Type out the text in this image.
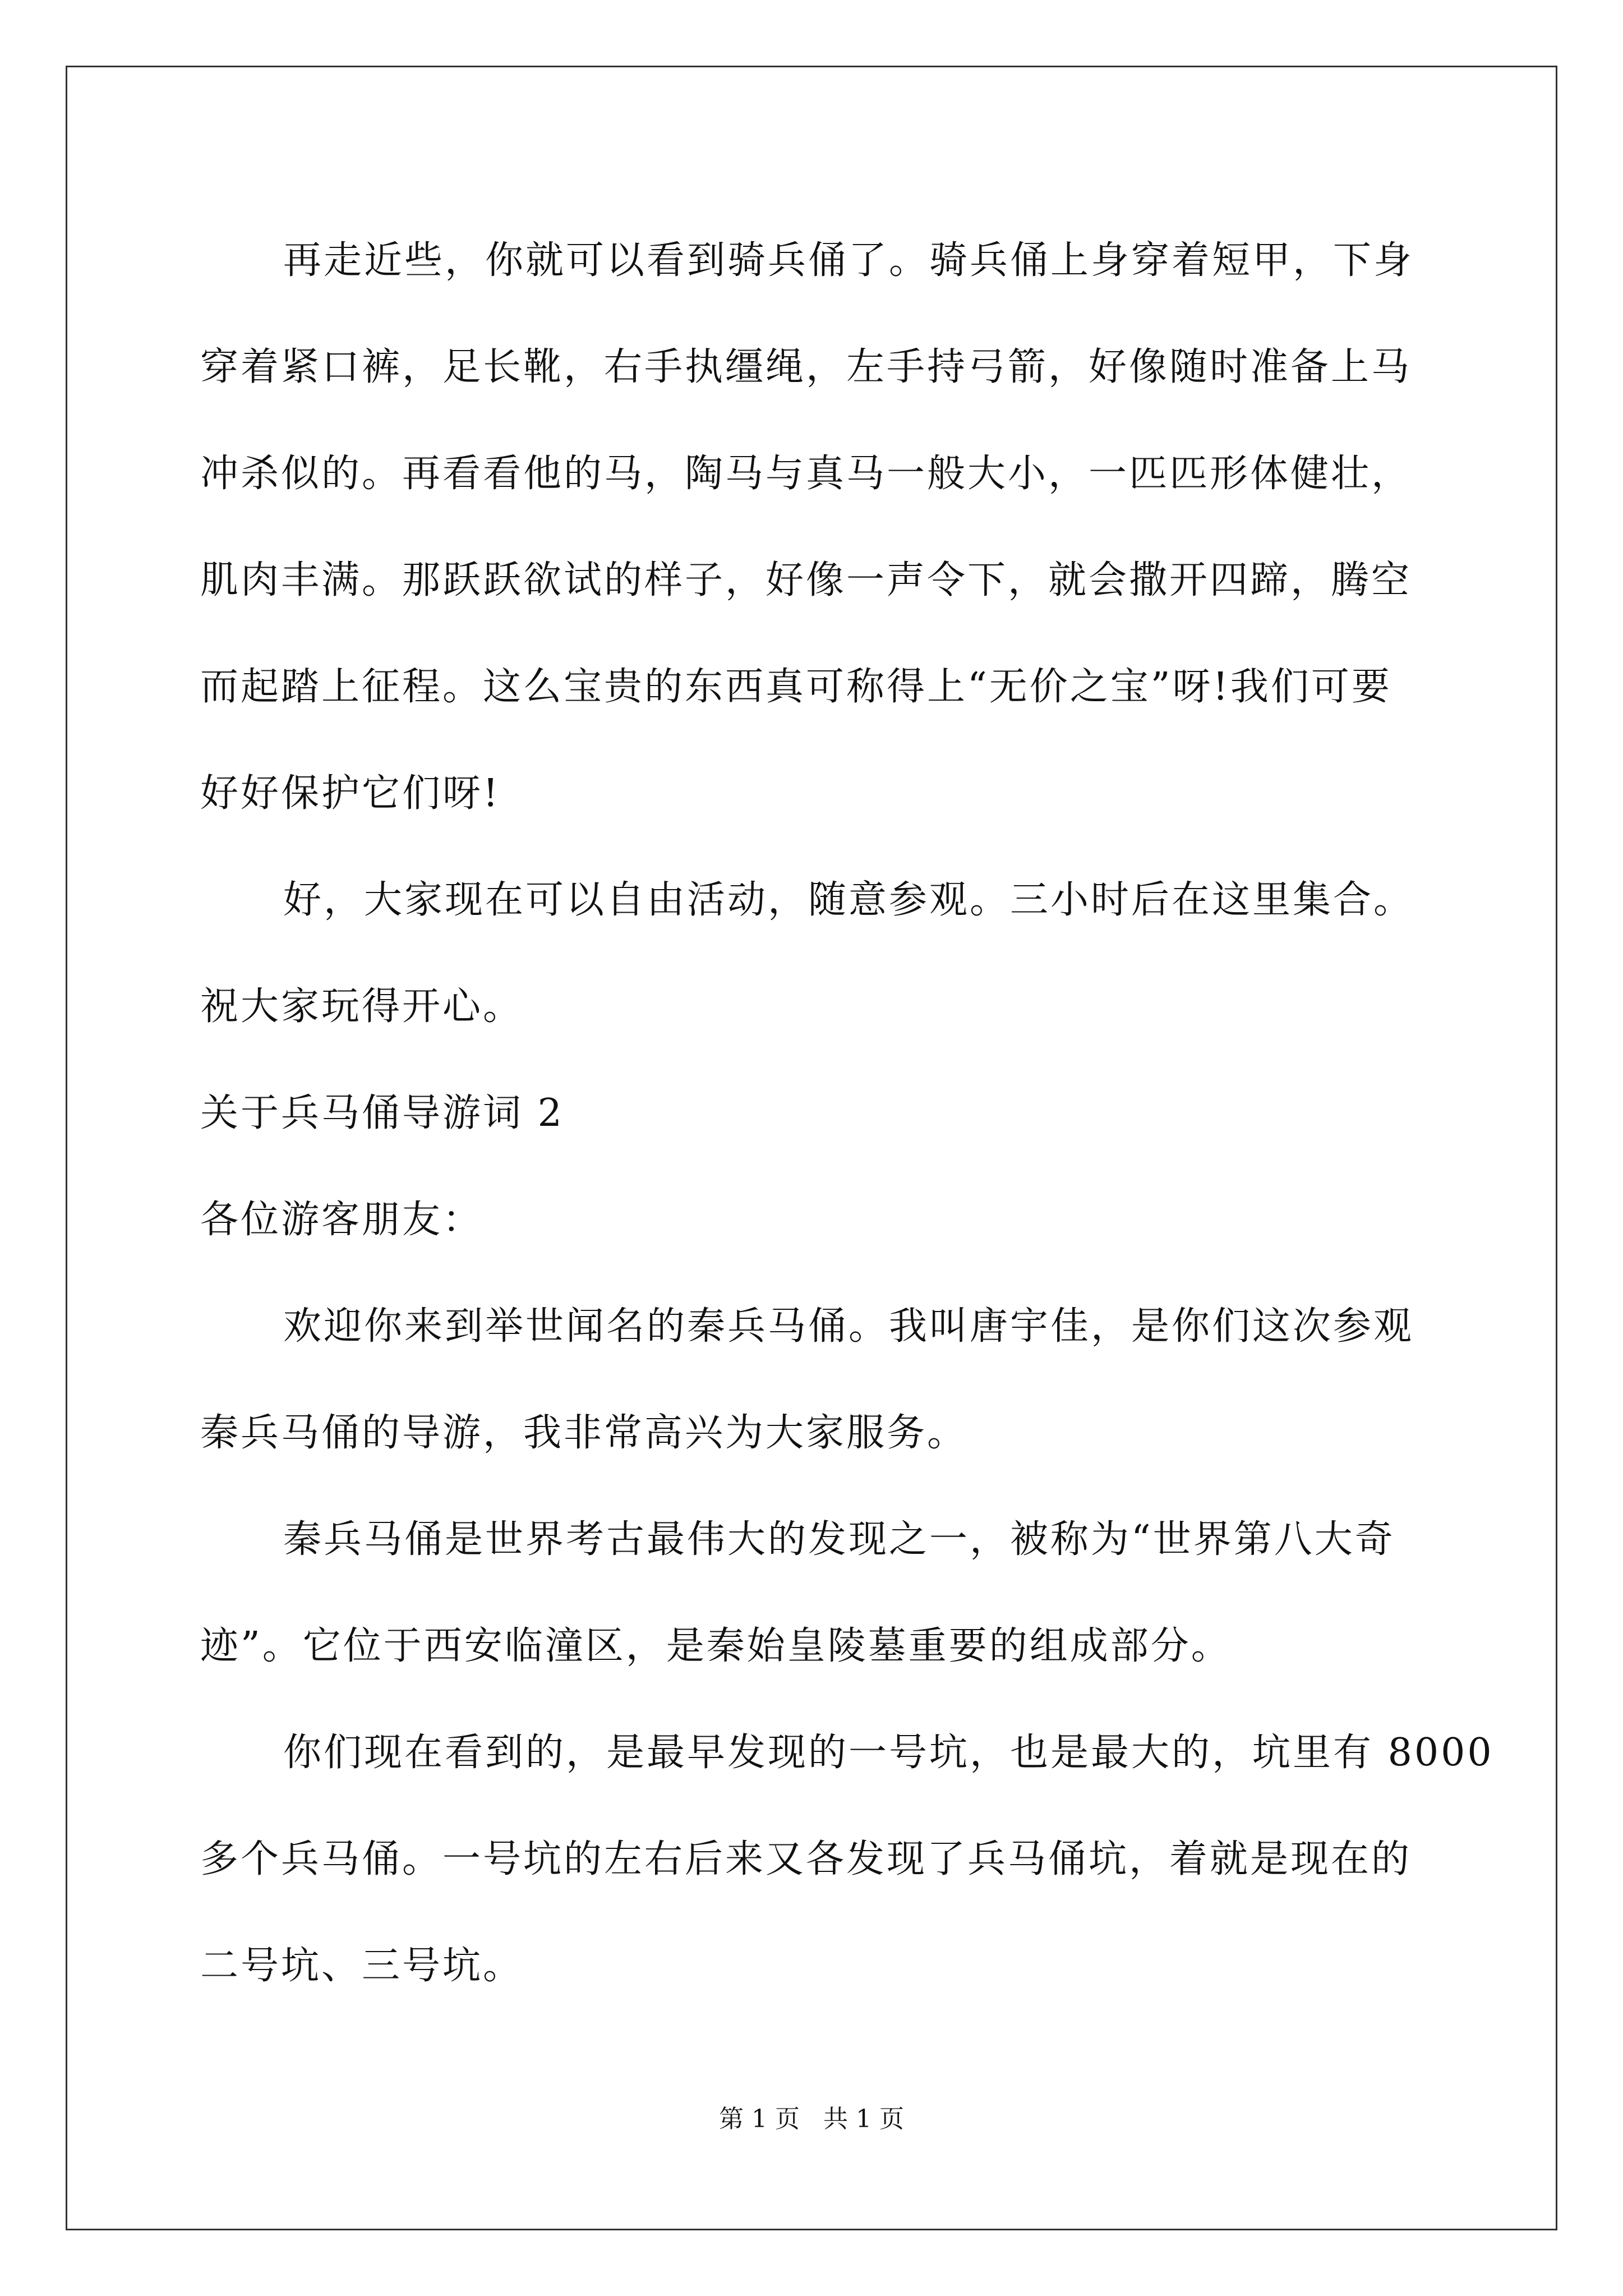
再走近些，你就可以看到骑兵俑了。骑兵俑上身穿着短甲，下身
穿着紧口裤，足长靴，右手执缰绳，左手持弓箭，好像随时准备上马
冲杀似的。再看看他的马，陶马与真马一般大小，一匹匹形体健壮，
肌肉丰满。那跃跃欲试的样子，好像一声令下，就会撒开四蹄，腾空
而起踏上征程。这么宝贵的东西真可称得上“无价之宝”呀!我们可要
好好保护它们呀!
好，大家现在可以自由活动，随意参观。三小时后在这里集合。
祝大家玩得开心。
关于兵马俑导游词 2
各位游客朋友：
欢迎你来到举世闻名的秦兵马俑。我叫唐宇佳，是你们这次参观
秦兵马俑的导游，我非常高兴为大家服务。
秦兵马俑是世界考古最伟大的发现之一，被称为“世界第八大奇
迹”。它位于西安临潼区，是秦始皇陵墓重要的组成部分。
你们现在看到的，是最早发现的一号坑，也是最大的，坑里有 8000
多个兵马俑。一号坑的左右后来又各发现了兵马俑坑，着就是现在的
二号坑、三号坑。
第 1 页 共 1 页
